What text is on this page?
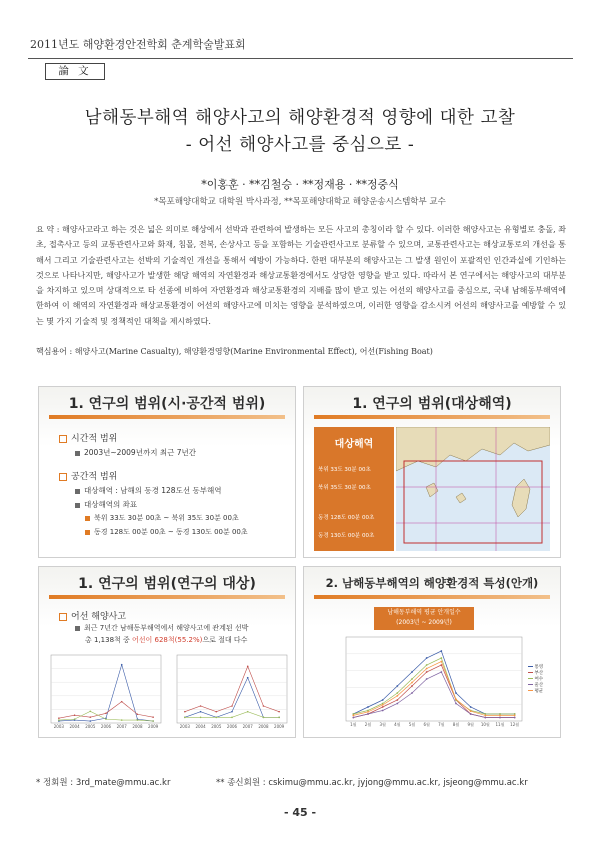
2011년도 해양환경안전학회 춘계학술발표회
論 文
남해동부해역 해양사고의 해양환경적 영향에 대한 고찰
- 어선 해양사고를 중심으로 -
*이홍훈 · **김철승 · **정재용 · **정중식
*목포해양대학교 대학원 박사과정, **목포해양대학교 해양운송시스템학부 교수
요 약 : 해양사고라고 하는 것은 넓은 의미로 해상에서 선박과 관련하여 발생하는 모든 사고의 총칭이라 할 수 있다. 이러한 해양사고는 유형별로 충돌, 좌초, 접촉사고 등의 교통관련사고와 화재, 침몰, 전복, 손상사고 등을 포함하는 기술관련사고로 분류할 수 있으며, 교통관련사고는 해상교통로의 개선을 통해서 그리고 기술관련사고는 선박의 기술적인 개선을 통해서 예방이 가능하다. 한편 대부분의 해양사고는 그 발생 원인이 포괄적인 인간과실에 기인하는 것으로 나타나지만, 해양사고가 발생한 해당 해역의 자연환경과 해상교통환경에서도 상당한 영향을 받고 있다. 따라서 본 연구에서는 해양사고의 대부분을 차지하고 있으며 상대적으로 타 선종에 비하여 자연환경과 해상교통환경의 지배를 많이 받고 있는 어선의 해양사고를 중심으로, 국내 남해동부해역에 한하여 이 해역의 자연환경과 해상교통환경이 어선의 해양사고에 미치는 영향을 분석하였으며, 이러한 영향을 감소시켜 어선의 해양사고를 예방할 수 있는 몇 가지 기술적 및 정책적인 대책을 제시하였다.
핵심용어 : 해양사고(Marine Casualty), 해양환경영향(Marine Environmental Effect), 어선(Fishing Boat)
1. 연구의 범위(시·공간적 범위)
시간적 범위
2003년~2009년까지 최근 7년간
공간적 범위
대상해역 : 남해의 동경 128도선 동부해역
대상해역의 좌표
북위 33도 30분 00초 ~ 북위 35도 30분 00초
동경 128도 00분 00초 ~ 동경 130도 00분 00초
1. 연구의 범위(대상해역)
대상해역
북위 33도 30분 00초
북위 35도 30분 00초
동경 128도 00분 00초
동경 130도 00분 00초
1. 연구의 범위(연구의 대상)
어선 해양사고
최근 7년간 남해동부해역에서 해양사고에 관계된 선박
총 1,138척 중 어선이 628척(55.2%)으로 절대 다수
2003 2004 2005 2006 2007 2008 2009	2003 2004 2005 2006 2007 2008 2009
2. 남해동부해역의 해양환경적 특성(안개)
남해동부해역 평균 안개일수
(2003년 ~ 2009년)
1월 2월 3월 4월 5월 6월 7월 8월 9월 10월 11월 12월
통영
부산
여수
울산
평균
* 정회원 : 3rd_mate@mmu.ac.kr	** 종신회원 : cskimu@mmu.ac.kr, jyjong@mmu.ac.kr, jsjeong@mmu.ac.kr
- 45 -
